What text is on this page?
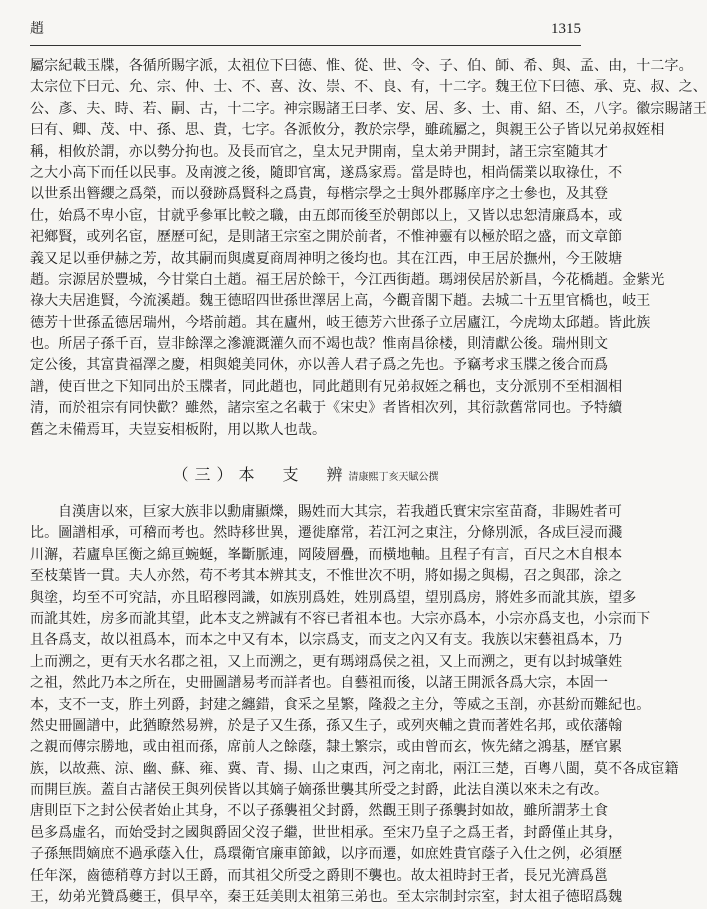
趙	1315
屬宗紀載玉牒，各循所賜字派，太祖位下曰德、惟、從、世、令、子、伯、師、希、與、孟、由，十二字。
太宗位下曰元、允、宗、仲、士、不、喜、汝、崇、不、良、有，十二字。魏王位下曰德、承、克、叔、之、
公、彥、夫、時、若、嗣、古，十二字。神宗賜諸王曰孝、安、居、多、士、甫、紹、丕，八字。徽宗賜諸王
曰有、卿、茂、中、孫、思、貴，七字。各派攸分，教於宗學，雖疏屬之，與親王公子皆以兄弟叔姪相
稱，相攸於謂，亦以勢分拘也。及長而官之，皇太兄尹開南，皇太弟尹開封，諸王宗室隨其才
之大小高下而任以民事。及南渡之後，隨即官寓，遂爲家焉。當是時也，相尚儒業以取祿仕，不
以世系出簪纓之爲榮，而以發跡爲賢科之爲貴，每楷宗學之士與外郡縣庠序之士參也，及其登
仕，始爲不卑小宦，甘就乎參軍比較之職，由五郎而後至於朝郎以上，又皆以忠恕清廉爲本，或
祀鄉賢，或列名宦，歷歷可紀，是則諸王宗室之開於前者，不惟神靈有以極於昭之盛，而文章節
義又足以垂伊赫之芳，故其嗣而與虞夏商周神明之後均也。其在江西，申王居於撫州，今王陂塘
趙。宗源居於豐城，今甘棠白土趙。福王居於餘干，今江西街趙。瑪翊侯居於新昌，今花橋趙。金紫光
祿大夫居進賢，今流溪趙。魏王德昭四世孫世澤居上高，今觀音閣下趙。去城二十五里官橋也，岐王
德芳十世孫孟德居瑞州，今塔前趙。其在廬州，岐王德芳六世孫子立居廬江，今虎坳太邱趙。皆此族
也。所居子孫千百，豈非餘澤之滲漉溉灌久而不竭也哉？惟南昌徐楼，則清獻公後。瑞州則文
定公後，其富貴福澤之慶，相與媲美同休，亦以善人君子爲之先也。予竊考求玉牒之後合而爲
譜，使百世之下知同出於玉牒者，同此趙也，同此趙則有兄弟叔姪之稱也，支分派別不至相涸相
清，而於祖宗有同快歡？雖然，諸宗室之名載于《宋史》者皆相次列，其衍款舊常同也。予特續
舊之未備焉耳，夫豈妄相板附，用以欺人也哉。
（三）本　支　辨清康熙丁亥天賦公撰
自漢唐以來，巨家大族非以勳庸顯爍，賜姓而大其宗，若我趙氏實宋宗室苗裔，非賜姓者可
比。圖譜相承，可稽而考也。然時移世異，遷徙靡常，若江河之東注，分條別派，各成巨浸而濺
川澥，若廬阜匡衡之綿亘蜿蜒，峯斷脈連，岡陵層疊，而橫地軸。且程子有言，百尺之木自根本
至枝葉皆一貫。夫人亦然，苟不考其本辨其支，不惟世次不明，將如揚之與楊，召之與邵，涂之
與塗，均至不可究詰，亦且昭穆罔識，如族別爲姓，姓別爲望，望別爲房，將姓多而訛其族，望多
而訛其姓，房多而訛其望，此本支之辨誠有不容已者祖本也。大宗亦爲本，小宗亦爲支也，小宗而下
且各爲支，故以祖爲本，而本之中又有本，以宗爲支，而支之內又有支。我族以宋藝祖爲本，乃
上而溯之，更有天水名郡之祖，又上而溯之，更有瑪翊爲侯之祖，又上而溯之，更有以封城肇姓
之祖，然此乃本之所在，史冊圖譜易考而詳者也。自藝祖而後，以諸王開派各爲大宗，本固一
本，支不一支，胙土列爵，封建之纏錯，食采之星繁，隆殺之主分，等威之玉剖，亦甚紛而難紀也。
然史冊圖譜中，此猶瞭然易辨，於是子又生孫，孫又生子，或列夾輔之貴而著姓名邦，或依藩翰
之親而傳宗勝地，或由祖而孫，席前人之餘蔭，隸土繁宗，或由曾而玄，恢先緒之鴻基，歷官累
族，以故燕、涼、幽、蘇、雍、冀、青、揚、山之東西，河之南北，兩江三楚，百粵八閩，莫不各成宦籍
而開巨族。蓋自古諸侯王與列侯皆以其嫡子嫡孫世襲其所受之封爵，此法自漢以來未之有改。
唐則臣下之封公侯者始止其身，不以子孫襲祖父封爵，然觀王則子孫襲封如故，雖所謂茅土食
邑多爲虛名，而始受封之國與爵固父沒子繼，世世相承。至宋乃皇子之爲王者，封爵僅止其身，
子孫無問嫡庶不過承蔭入仕，爲環衛官廉車節鉞，以序而遷，如庶姓貴官蔭子入仕之例，必須歷
任年深，齒德稍尊方封以王爵，而其祖父所受之爵則不襲也。故太祖時封王者，長兄光濟爲邕
王，幼弟光贊爲夔王，俱早卒，秦王廷美則太祖第三弟也。至太宗制封宗室，封太祖子德昭爲魏
